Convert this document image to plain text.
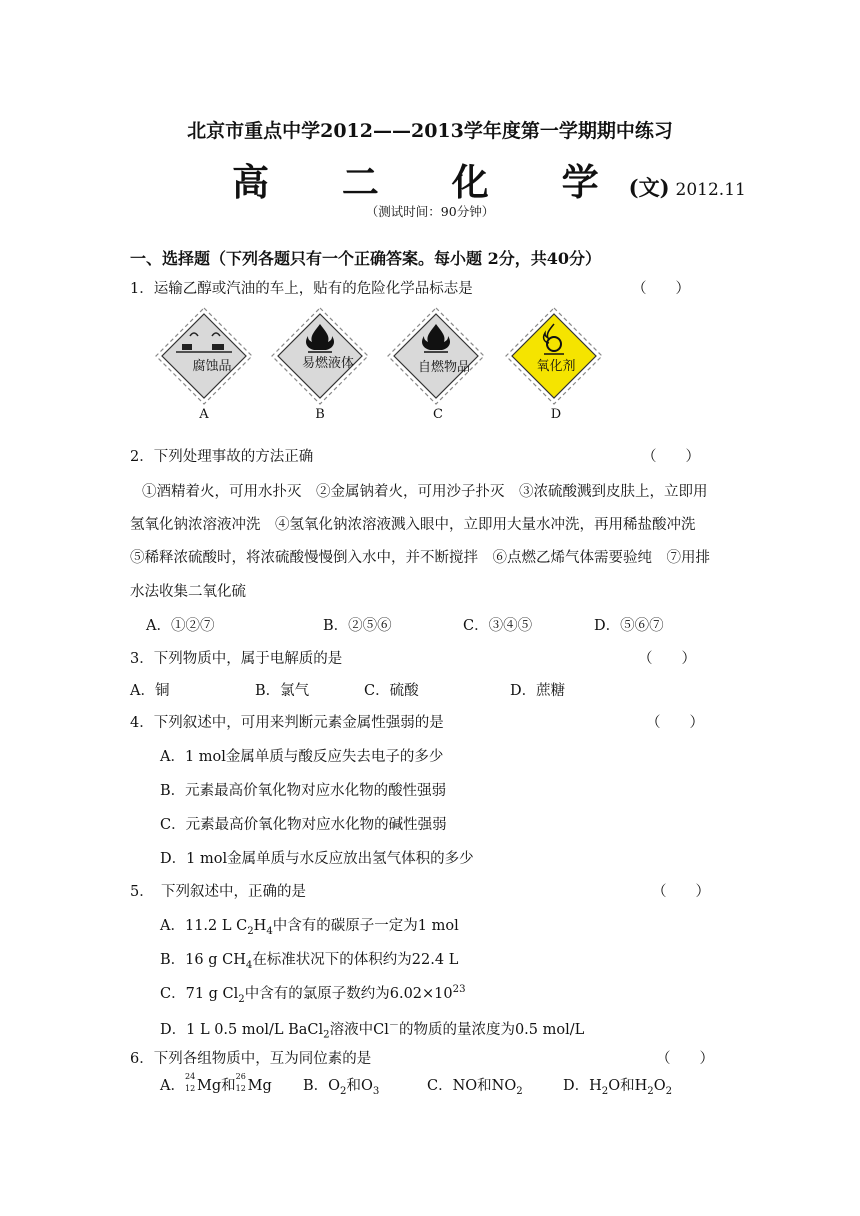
北京市重点中学2012——2013学年度第一学期期中练习
高 二 化 学(文) 2012.11
（测试时间：90分钟）
一、选择题（下列各题只有一个正确答案。每小题 2分，共40分）
1．运输乙醇或汽油的车上，贴有的危险化学品标志是	（　　）
腐蚀品	易燃液体	自燃物品	氧化剂
A	B	C	D
2．下列处理事故的方法正确	（　　）
①酒精着火，可用水扑灭　②金属钠着火，可用沙子扑灭　③浓硫酸溅到皮肤上，立即用
氢氧化钠浓溶液冲洗　④氢氧化钠浓溶液溅入眼中，立即用大量水冲洗，再用稀盐酸冲洗
⑤稀释浓硫酸时，将浓硫酸慢慢倒入水中，并不断搅拌　⑥点燃乙烯气体需要验纯　⑦用排
水法收集二氧化硫
A．①②⑦	B．②⑤⑥	C．③④⑤	D．⑤⑥⑦
3．下列物质中，属于电解质的是	（　　）
A．铜	B．氯气	C．硫酸	D．蔗糖
4．下列叙述中，可用来判断元素金属性强弱的是	（　　）
A．1 mol金属单质与酸反应失去电子的多少
B．元素最高价氧化物对应水化物的酸性强弱
C．元素最高价氧化物对应水化物的碱性强弱
D．1 mol金属单质与水反应放出氢气体积的多少
5．　下列叙述中，正确的是	（　　）
A．11.2 L $C_2H_4$中含有的碳原子一定为1 mol
B．16 g $CH_4$在标准状况下的体积约为22.4 L
C．71 g $Cl_2$中含有的氯原子数约为$6.02\times 10^{23}$
D．1 L 0.5 mol/L BaCl$_2$溶液中Cl－的物质的量浓度为0.5 mol/L
6．下列各组物质中，互为同位素的是	（　　）
A．
24
12 Mg和
26
12 Mg B．$O_2$和$O_3$	C．NO和$NO_2$	D．$H_2O$和$H_2O_2$
